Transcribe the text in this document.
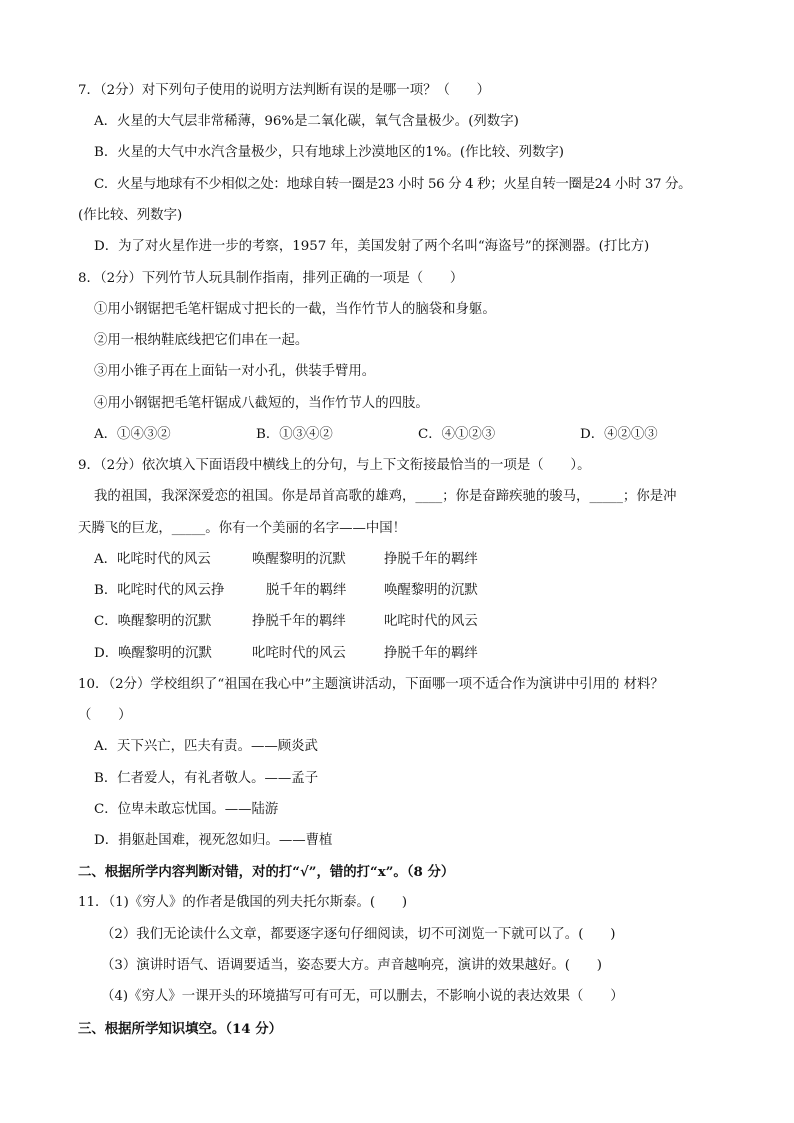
7．（2分）对下列句子使用的说明方法判断有误的是哪一项？（　　）
A．火星的大气层非常稀薄，96%是二氧化碳，氧气含量极少。(列数字)
B．火星的大气中水汽含量极少，只有地球上沙漠地区的1%。(作比较、列数字)
C．火星与地球有不少相似之处：地球自转一圈是23 小时 56 分 4 秒；火星自转一圈是24 小时 37 分。
(作比较、列数字)
D．为了对火星作进一步的考察，1957 年，美国发射了两个名叫“海盗号”的探测器。(打比方)
8．（2分）下列竹节人玩具制作指南，排列正确的一项是（　　）
①用小钢锯把毛笔杆锯成寸把长的一截，当作竹节人的脑袋和身躯。
②用一根纳鞋底线把它们串在一起。
③用小锥子再在上面钻一对小孔，供装手臂用。
④用小钢锯把毛笔杆锯成八截短的，当作竹节人的四肢。
A．①④③②	B．①③④②	C．④①②③	D．④②①③
9．（2分）依次填入下面语段中横线上的分句，与上下文衔接最恰当的一项是（　　）。
我的祖国，我深深爱恋的祖国。你是昂首高歌的雄鸡，____；你是奋蹄疾驰的骏马，_____；你是冲
天腾飞的巨龙，_____。你有一个美丽的名字——中国！
A．叱咤时代的风云	唤醒黎明的沉默	挣脱千年的羁绊
B．叱咤时代的风云挣	脱千年的羁绊	唤醒黎明的沉默
C．唤醒黎明的沉默	挣脱千年的羁绊	叱咤时代的风云
D．唤醒黎明的沉默	叱咤时代的风云	挣脱千年的羁绊
10．（2分）学校组织了“祖国在我心中”主题演讲活动，下面哪一项不适合作为演讲中引用的 材料？
（　　）
A．天下兴亡，匹夫有责。——顾炎武
B．仁者爱人，有礼者敬人。——孟子
C．位卑未敢忘忧国。——陆游
D．捐躯赴国难，视死忽如归。——曹植
二、根据所学内容判断对错，对的打“√”，错的打“x”。（8 分）
11．（1)《穷人》的作者是俄国的列夫托尔斯泰。(　　)
（2）我们无论读什么文章，都要逐字逐句仔细阅读，切不可浏览一下就可以了。(　　)
（3）演讲时语气、语调要适当，姿态要大方。声音越响亮，演讲的效果越好。(　　)
（4)《穷人》一课开头的环境描写可有可无，可以删去，不影响小说的表达效果（　　）
三、根据所学知识填空。（14 分）
